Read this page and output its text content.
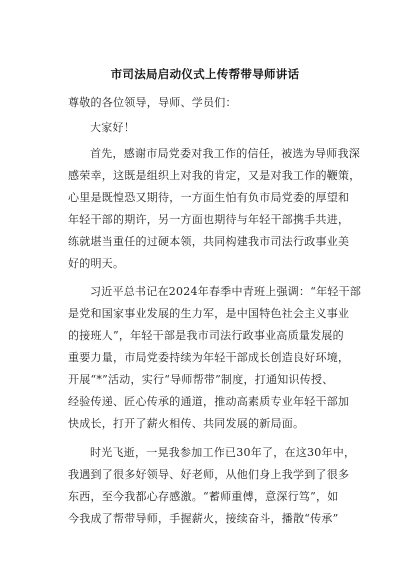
市司法局启动仪式上传帮带导师讲话
尊敬的各位领导，导师、学员们：
大家好！
首先，感谢市局党委对我工作的信任，被选为导师我深
感荣幸，这既是组织上对我的肯定，又是对我工作的鞭策，
心里是既惶恐又期待，一方面生怕有负市局党委的厚望和
年轻干部的期许，另一方面也期待与年轻干部携手共进，
练就堪当重任的过硬本领，共同构建我市司法行政事业美
好的明天。
习近平总书记在2024年春季中青班上强调：“年轻干部
是党和国家事业发展的生力军，是中国特色社会主义事业
的接班人”，年轻干部是我市司法行政事业高质量发展的
重要力量，市局党委持续为年轻干部成长创造良好环境，
开展“*”活动，实行“导师帮带”制度，打通知识传授、
经验传递、匠心传承的通道，推动高素质专业年轻干部加
快成长，打开了薪火相传、共同发展的新局面。
时光飞逝，一晃我参加工作已30年了，在这30年中，
我遇到了很多好领导、好老师，从他们身上我学到了很多
东西，至今我都心存感激。“蓄师重傅，意深行笃”，如
今我成了帮带导师，手握薪火，接续奋斗，播散“传承”
